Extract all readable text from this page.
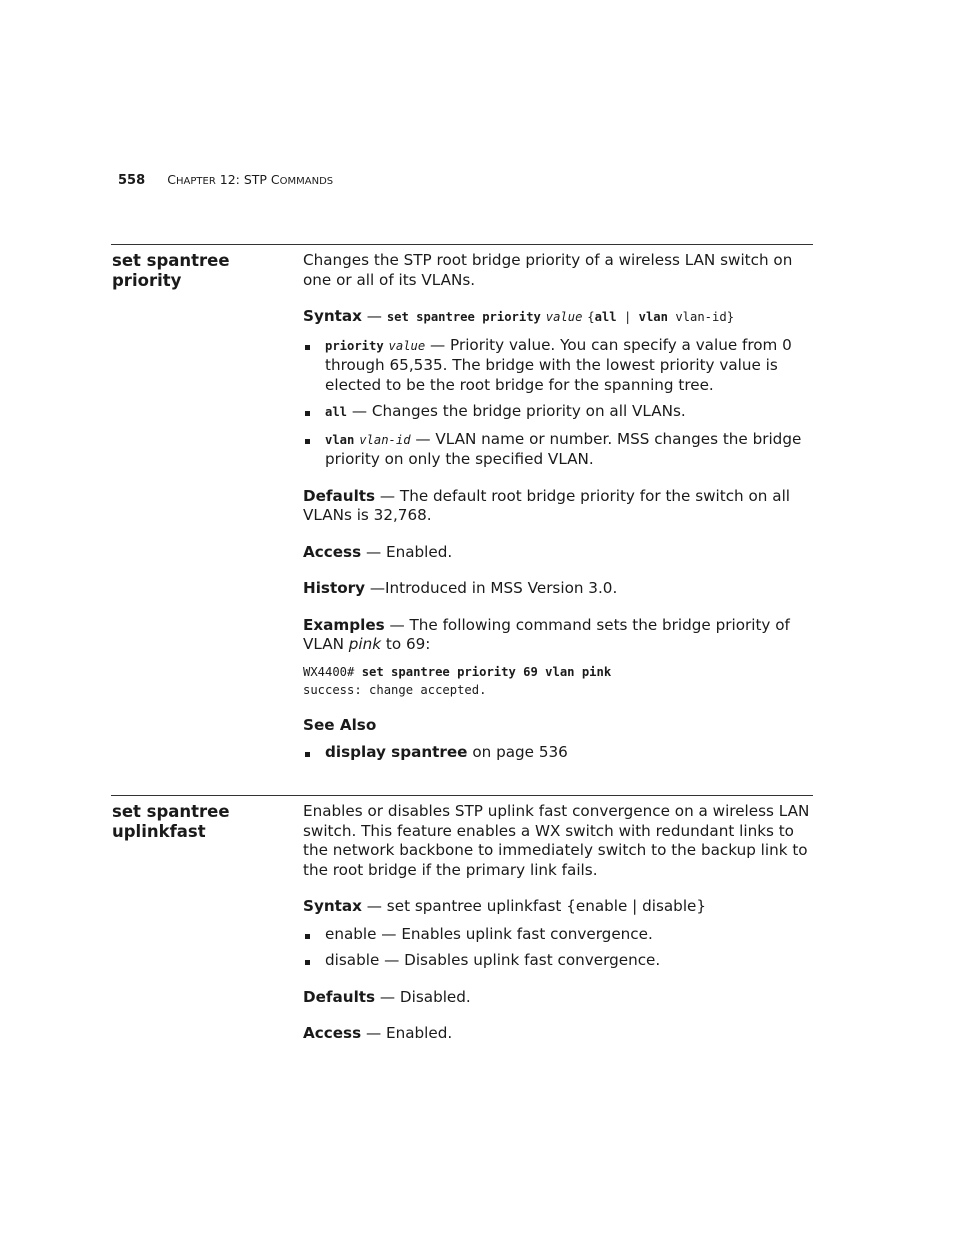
558 CHAPTER 12: STP COMMANDS
set spantree
priority

Changes the STP root bridge priority of a wireless LAN switch on one or all of its VLANs.

Syntax — set spantree priority value {all | vlan vlan-id}

priority value — Priority value. You can specify a value from 0 through 65,535. The bridge with the lowest priority value is elected to be the root bridge for the spanning tree.
all — Changes the bridge priority on all VLANs.
vlan vlan-id — VLAN name or number. MSS changes the bridge priority on only the specified VLAN.

Defaults — The default root bridge priority for the switch on all VLANs is 32,768.

Access — Enabled.

History —Introduced in MSS Version 3.0.

Examples — The following command sets the bridge priority of VLAN pink to 69:

WX4400# set spantree priority 69 vlan pink
success: change accepted.

See Also

display spantree on page 536
set spantree
uplinkfast

Enables or disables STP uplink fast convergence on a wireless LAN switch. This feature enables a WX switch with redundant links to the network backbone to immediately switch to the backup link to the root bridge if the primary link fails.

Syntax — set spantree uplinkfast {enable | disable}

enable — Enables uplink fast convergence.
disable — Disables uplink fast convergence.

Defaults — Disabled.

Access — Enabled.
